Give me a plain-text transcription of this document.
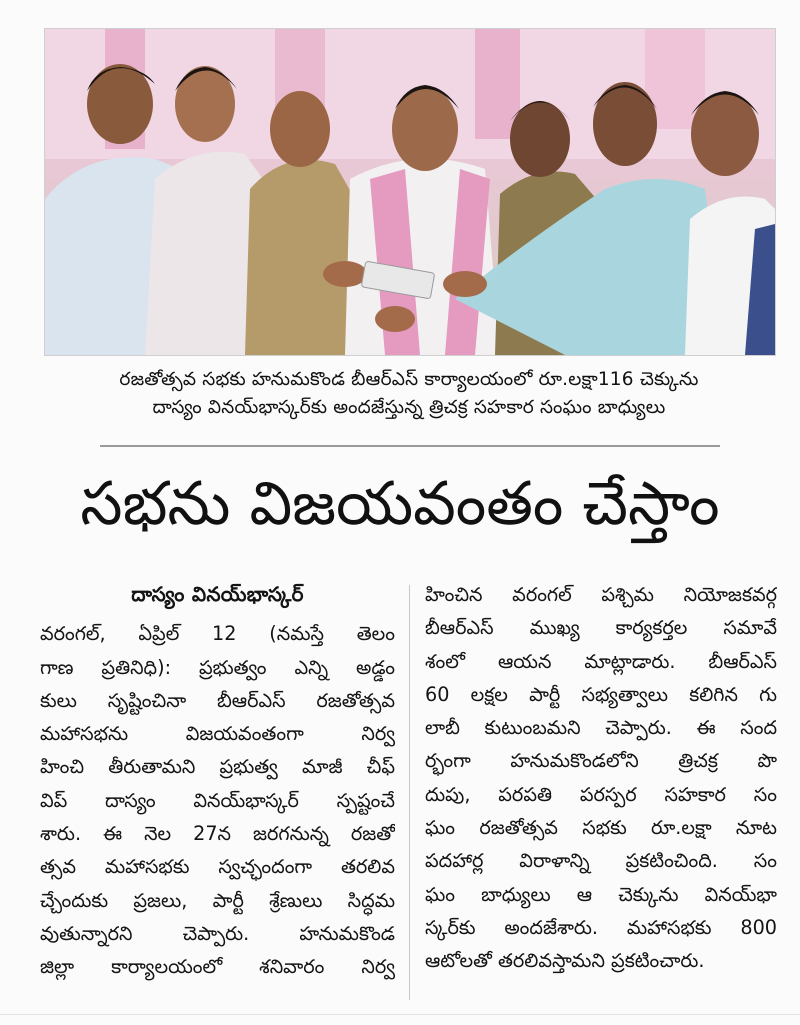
రజతోత్సవ సభకు హనుమకొండ బీఆర్ఎస్ కార్యాలయంలో రూ.లక్షా116 చెక్కును
దాస్యం వినయ్‌భాస్కర్‌కు అందజేస్తున్న త్రిచక్ర సహకార సంఘం బాధ్యులు
సభను విజయవంతం చేస్తాం
దాస్యం వినయ్‌భాస్కర్
వరంగల్, ఏప్రిల్ 12 (నమస్తే తెలం
గాణ ప్రతినిధి): ప్రభుత్వం ఎన్ని అడ్డం
కులు సృష్టించినా బీఆర్ఎస్ రజతోత్సవ
మహాసభను విజయవంతంగా నిర్వ
హించి తీరుతామని ప్రభుత్వ మాజీ చీఫ్
విప్ దాస్యం వినయ్‌భాస్కర్ స్పష్టంచే
శారు. ఈ నెల 27న జరగనున్న రజతో
త్సవ మహాసభకు స్వచ్ఛందంగా తరలివ
చ్చేందుకు ప్రజలు, పార్టీ శ్రేణులు సిద్ధమ
వుతున్నారని చెప్పారు. హనుమకొండ
జిల్లా కార్యాలయంలో శనివారం నిర్వ
హించిన వరంగల్ పశ్చిమ నియోజకవర్గ
బీఆర్ఎస్ ముఖ్య కార్యకర్తల సమావే
శంలో ఆయన మాట్లాడారు. బీఆర్ఎస్
60 లక్షల పార్టీ సభ్యత్వాలు కలిగిన గు
లాబీ కుటుంబమని చెప్పారు. ఈ సంద
ర్భంగా హనుమకొండలోని త్రిచక్ర పొ
దుపు, పరపతి పరస్పర సహకార సం
ఘం రజతోత్సవ సభకు రూ.లక్షా నూట
పదహార్ల విరాళాన్ని ప్రకటించింది. సం
ఘం బాధ్యులు ఆ చెక్కును వినయ్‌భా
స్కర్‌కు అందజేశారు. మహాసభకు 800
ఆటోలతో తరలివస్తామని ప్రకటించారు.
